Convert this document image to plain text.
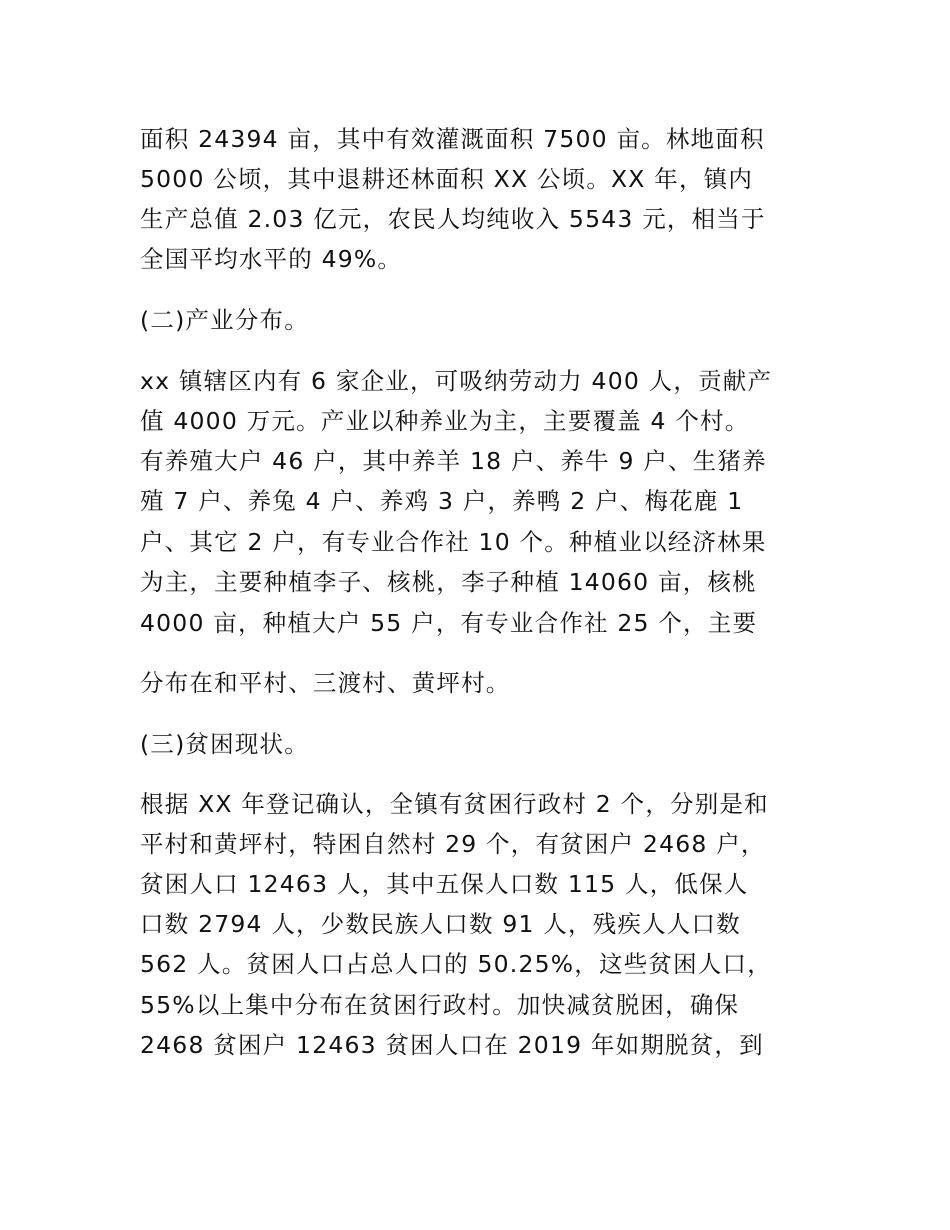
面积 24394 亩，其中有效灌溉面积 7500 亩。林地面积
5000 公顷，其中退耕还林面积 XX 公顷。XX 年，镇内
生产总值 2.03 亿元，农民人均纯收入 5543 元，相当于
全国平均水平的 49%。
(二)产业分布。
xx 镇辖区内有 6 家企业，可吸纳劳动力 400 人，贡献产
值 4000 万元。产业以种养业为主，主要覆盖 4 个村。
有养殖大户 46 户，其中养羊 18 户、养牛 9 户、生猪养
殖 7 户、养兔 4 户、养鸡 3 户，养鸭 2 户、梅花鹿 1
户、其它 2 户，有专业合作社 10 个。种植业以经济林果
为主，主要种植李子、核桃，李子种植 14060 亩，核桃
4000 亩，种植大户 55 户，有专业合作社 25 个，主要
分布在和平村、三渡村、黄坪村。
(三)贫困现状。
根据 XX 年登记确认，全镇有贫困行政村 2 个，分别是和
平村和黄坪村，特困自然村 29 个，有贫困户 2468 户，
贫困人口 12463 人，其中五保人口数 115 人，低保人
口数 2794 人，少数民族人口数 91 人，残疾人人口数
562 人。贫困人口占总人口的 50.25%，这些贫困人口，
55%以上集中分布在贫困行政村。加快减贫脱困，确保
2468 贫困户 12463 贫困人口在 2019 年如期脱贫，到
